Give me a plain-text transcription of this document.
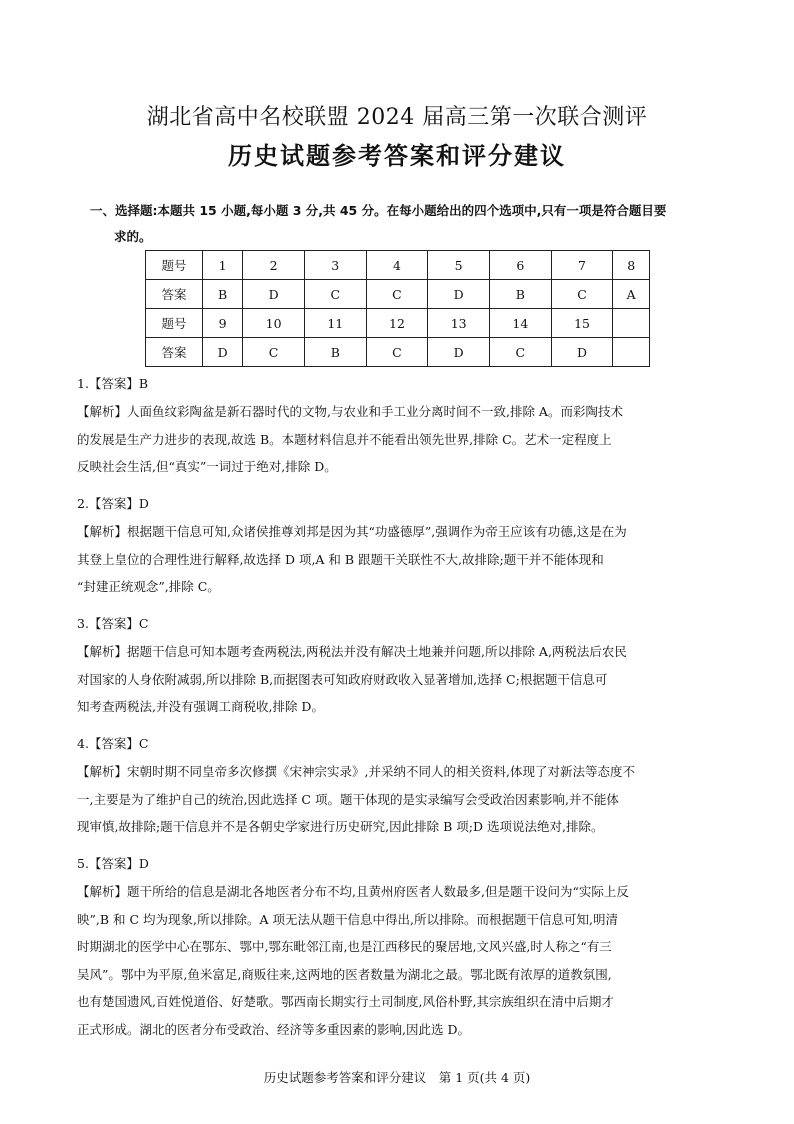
湖北省高中名校联盟 2024 届高三第一次联合测评
历史试题参考答案和评分建议
一、选择题:本题共 15 小题,每小题 3 分,共 45 分。在每小题给出的四个选项中,只有一项是符合题目要
求的。
题号	1	2	3	4	5	6	7	8
答案	B	D	C	C	D	B	C	A
题号	9	10	11	12	13	14	15	
答案	D	C	B	C	D	C	D	
1.【答案】B
【解析】人面鱼纹彩陶盆是新石器时代的文物,与农业和手工业分离时间不一致,排除 A。而彩陶技术
的发展是生产力进步的表现,故选 B。本题材料信息并不能看出领先世界,排除 C。艺术一定程度上
反映社会生活,但“真实”一词过于绝对,排除 D。
2.【答案】D
【解析】根据题干信息可知,众诸侯推尊刘邦是因为其“功盛德厚”,强调作为帝王应该有功德,这是在为
其登上皇位的合理性进行解释,故选择 D 项,A 和 B 跟题干关联性不大,故排除;题干并不能体现和
“封建正统观念”,排除 C。
3.【答案】C
【解析】据题干信息可知本题考查两税法,两税法并没有解决土地兼并问题,所以排除 A,两税法后农民
对国家的人身依附减弱,所以排除 B,而据图表可知政府财政收入显著增加,选择 C;根据题干信息可
知考查两税法,并没有强调工商税收,排除 D。
4.【答案】C
【解析】宋朝时期不同皇帝多次修撰《宋神宗实录》,并采纳不同人的相关资料,体现了对新法等态度不
一,主要是为了维护自己的统治,因此选择 C 项。题干体现的是实录编写会受政治因素影响,并不能体
现审慎,故排除;题干信息并不是各朝史学家进行历史研究,因此排除 B 项;D 选项说法绝对,排除。
5.【答案】D
【解析】题干所给的信息是湖北各地医者分布不均,且黄州府医者人数最多,但是题干设问为“实际上反
映”,B 和 C 均为现象,所以排除。A 项无法从题干信息中得出,所以排除。而根据题干信息可知,明清
时期湖北的医学中心在鄂东、鄂中,鄂东毗邻江南,也是江西移民的聚居地,文风兴盛,时人称之“有三
吴风”。鄂中为平原,鱼米富足,商贩往来,这两地的医者数量为湖北之最。鄂北既有浓厚的道教氛围,
也有楚国遗风,百姓悦道俗、好楚歌。鄂西南长期实行土司制度,风俗朴野,其宗族组织在清中后期才
正式形成。湖北的医者分布受政治、经济等多重因素的影响,因此选 D。
历史试题参考答案和评分建议　第 1 页(共 4 页)
